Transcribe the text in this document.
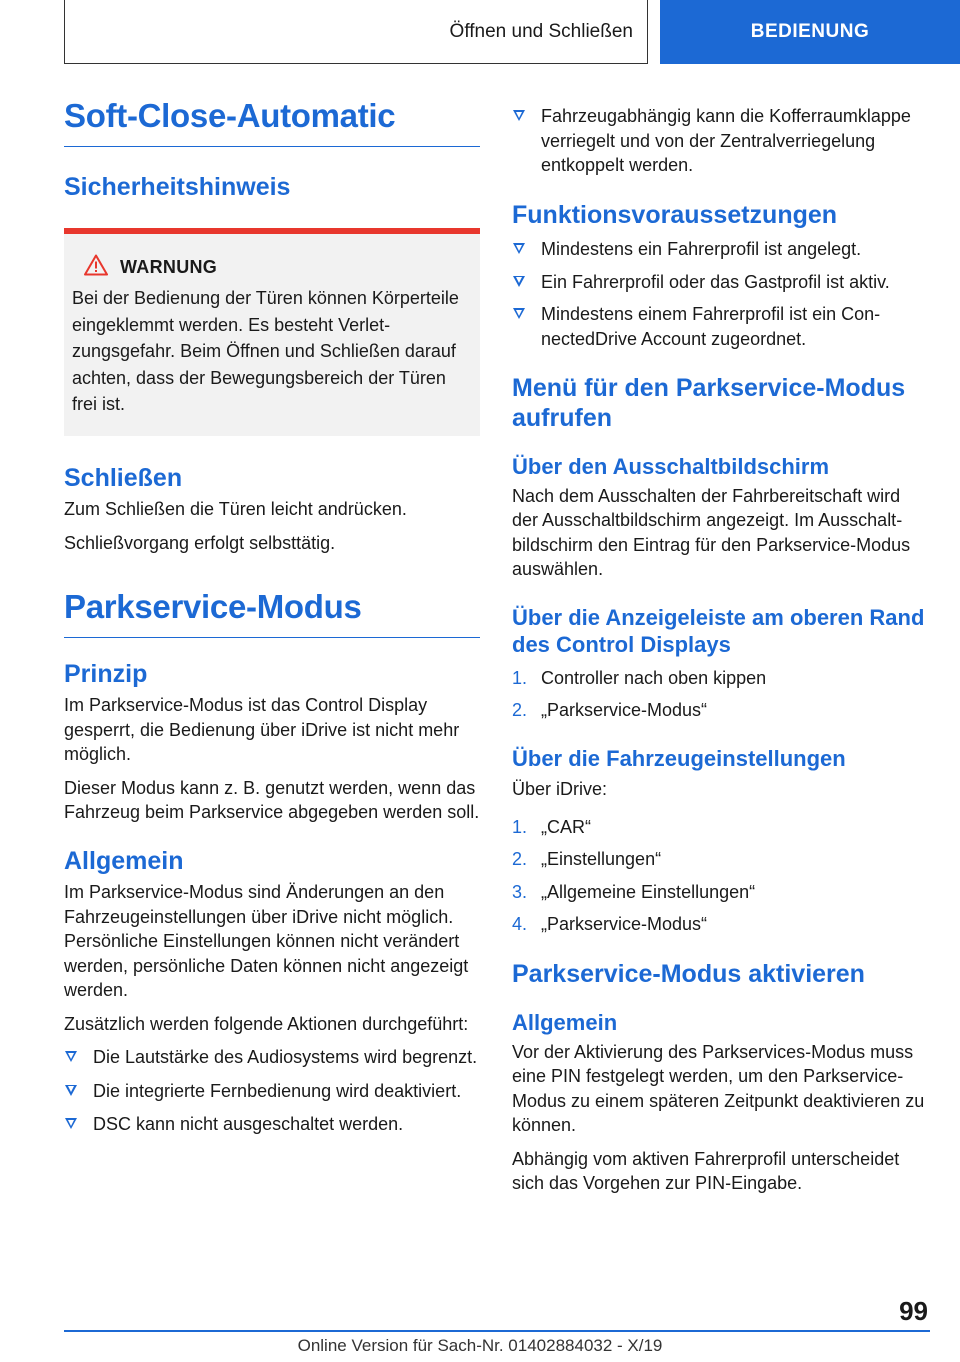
Öffnen und Schließen	BEDIENUNG
Soft-Close-Automatic
Sicherheitshinweis
WARNUNG

Bei der Bedienung der Türen können Körperteile eingeklemmt werden. Es besteht Verletzungsgefahr. Beim Öffnen und Schließen darauf achten, dass der Bewegungsbereich der Türen frei ist.

Schließen

Zum Schließen die Türen leicht andrücken.

Schließvorgang erfolgt selbsttätig.

Parkservice-Modus
Prinzip

Im Parkservice-Modus ist das Control Display gesperrt, die Bedienung über iDrive ist nicht mehr möglich.

Dieser Modus kann z. B. genutzt werden, wenn das Fahrzeug beim Parkservice abgegeben werden soll.

Allgemein

Im Parkservice-Modus sind Änderungen an den Fahrzeugeinstellungen über iDrive nicht möglich. Persönliche Einstellungen können nicht verändert werden, persönliche Daten können nicht angezeigt werden.

Zusätzlich werden folgende Aktionen durchgeführt:

Die Lautstärke des Audiosystems wird begrenzt.
Die integrierte Fernbedienung wird deaktiviert.
DSC kann nicht ausgeschaltet werden.
Fahrzeugabhängig kann die Kofferraumklappe verriegelt und von der Zentralverriegelung entkoppelt werden.
Funktionsvoraussetzungen
Mindestens ein Fahrerprofil ist angelegt.
Ein Fahrerprofil oder das Gastprofil ist aktiv.
Mindestens einem Fahrerprofil ist ein ConnectedDrive Account zugeordnet.
Menü für den Parkservice-Modus aufrufen
Über den Ausschaltbildschirm

Nach dem Ausschalten der Fahrbereitschaft wird der Ausschaltbildschirm angezeigt. Im Ausschaltbildschirm den Eintrag für den Parkservice-Modus auswählen.

Über die Anzeigeleiste am oberen Rand des Control Displays
1. Controller nach oben kippen
2. „Parkservice-Modus“
Über die Fahrzeugeinstellungen

Über iDrive:

1. „CAR“
2. „Einstellungen“
3. „Allgemeine Einstellungen“
4. „Parkservice-Modus“
Parkservice-Modus aktivieren
Allgemein

Vor der Aktivierung des Parkservices-Modus muss eine PIN festgelegt werden, um den Parkservice-Modus zu einem späteren Zeitpunkt deaktivieren zu können.

Abhängig vom aktiven Fahrerprofil unterscheidet sich das Vorgehen zur PIN-Eingabe.

99
Online Version für Sach-Nr. 01402884032 - X/19
